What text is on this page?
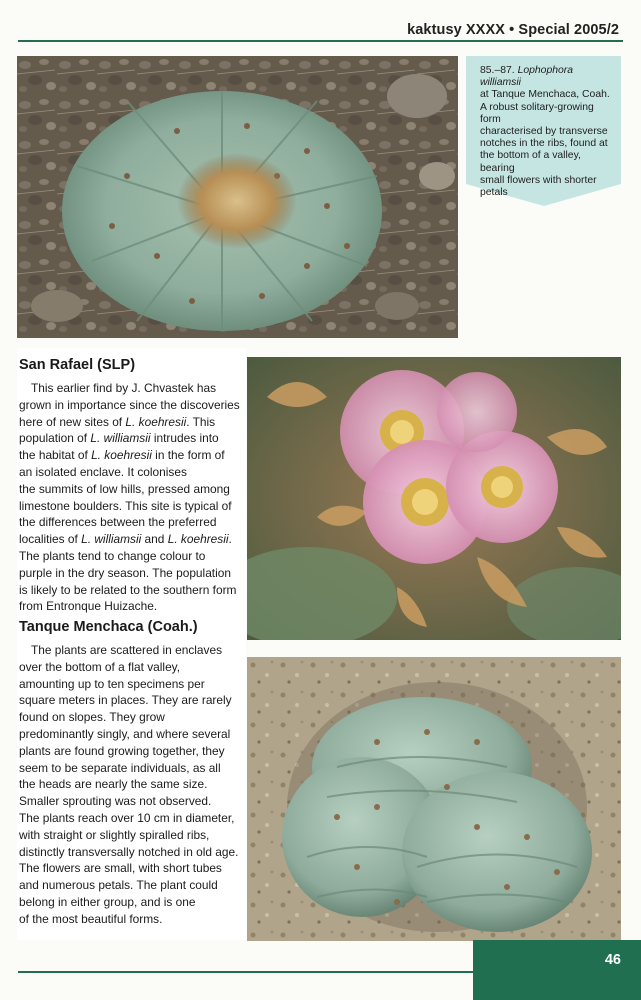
kaktusy XXXX • Special 2005/2
85.–87. Lophophora williamsii
at Tanque Menchaca, Coah.
A robust solitary-growing form
characterised by transverse
notches in the ribs, found at
the bottom of a valley, bearing
small flowers with shorter
petals
San Rafael (SLP)

This earlier find by J. Chvastek has
grown in importance since the discoveries
here of new sites of L. koehresii. This
population of L. williamsii intrudes into
the habitat of L. koehresii in the form of
an isolated enclave. It colonises
the summits of low hills, pressed among
limestone boulders. This site is typical of
the differences between the preferred
localities of L. williamsii and L. koehresii.
The plants tend to change colour to
purple in the dry season. The population
is likely to be related to the southern form
from Entronque Huizache.

Tanque Menchaca (Coah.)

The plants are scattered in enclaves
over the bottom of a flat valley,
amounting up to ten specimens per
square meters in places. They are rarely
found on slopes. They grow
predominantly singly, and where several
plants are found growing together, they
seem to be separate individuals, as all
the heads are nearly the same size.
Smaller sprouting was not observed.
The plants reach over 10 cm in diameter,
with straight or slightly spiralled ribs,
distinctly transversally notched in old age.
The flowers are small, with short tubes
and numerous petals. The plant could
belong in either group, and is one
of the most beautiful forms.

46
